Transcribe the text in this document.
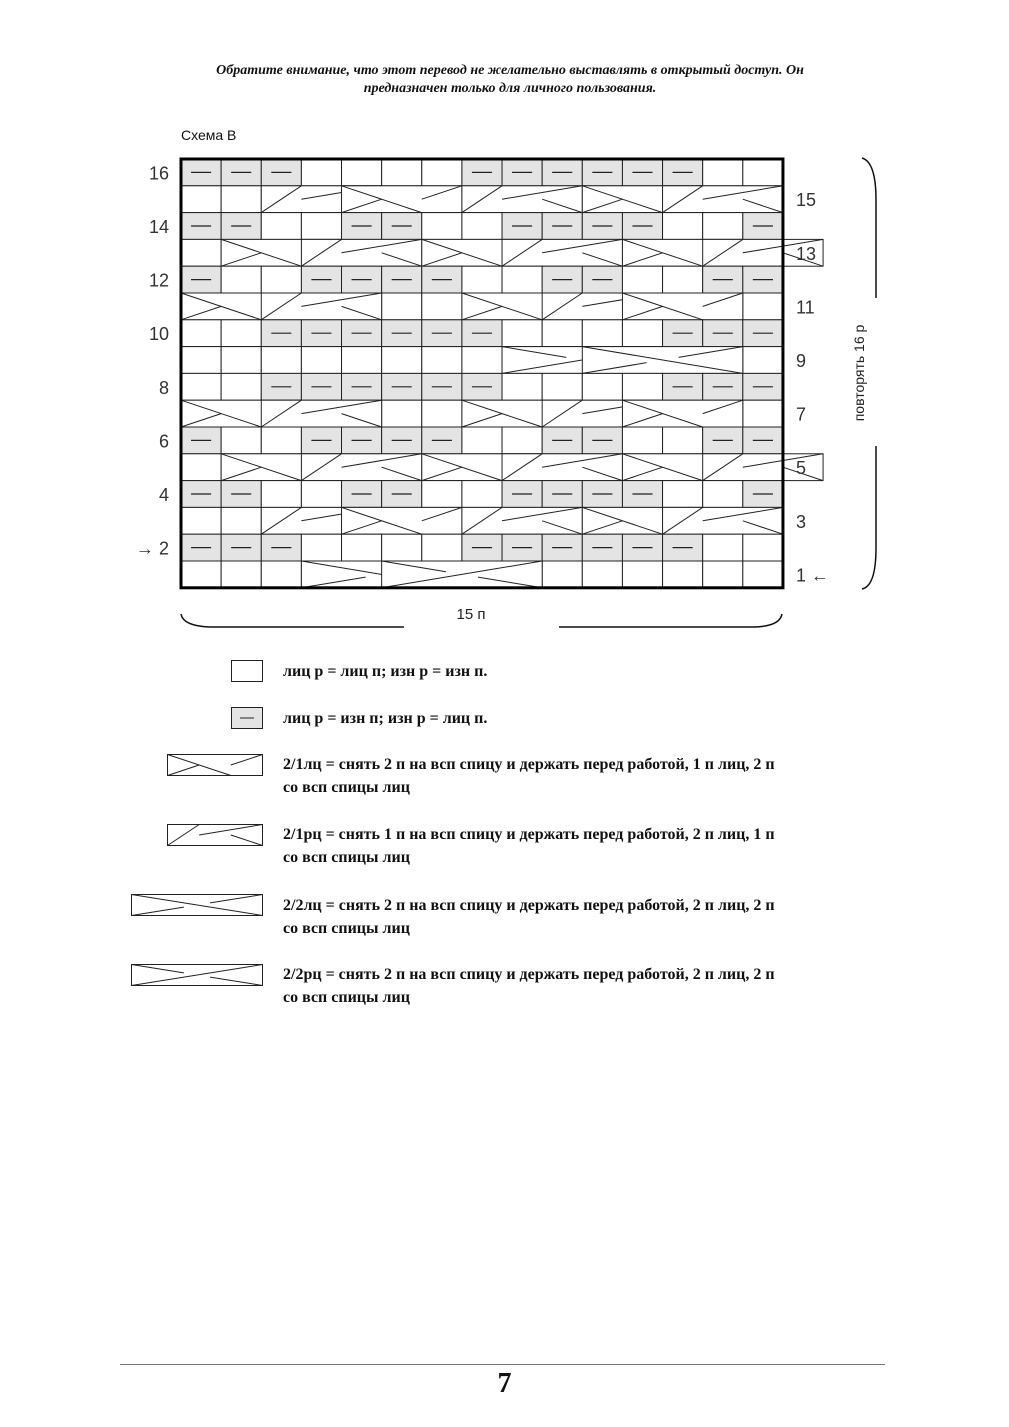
Обратите внимание, что этот перевод не желательно выставлять в открытый доступ. Он
предназначен только для личного пользования.
Схема В
16
14
12
10
8
6
4
→ 2
15
13
11
9
7
5
3
1 ←
15 п
повторять 16 р
лиц р = лиц п; изн р = изн п.
лиц р = изн п; изн р = лиц п.
2/1лц = снять 2 п на всп спицу и держать перед работой, 1 п лиц, 2 п
со всп спицы лиц
2/1рц = снять 1 п на всп спицу и держать перед работой, 2 п лиц, 1 п
со всп спицы лиц
2/2лц = снять 2 п на всп спицу и держать перед работой, 2 п лиц, 2 п
со всп спицы лиц
2/2рц = снять 2 п на всп спицу и держать перед работой, 2 п лиц, 2 п
со всп спицы лиц
7
